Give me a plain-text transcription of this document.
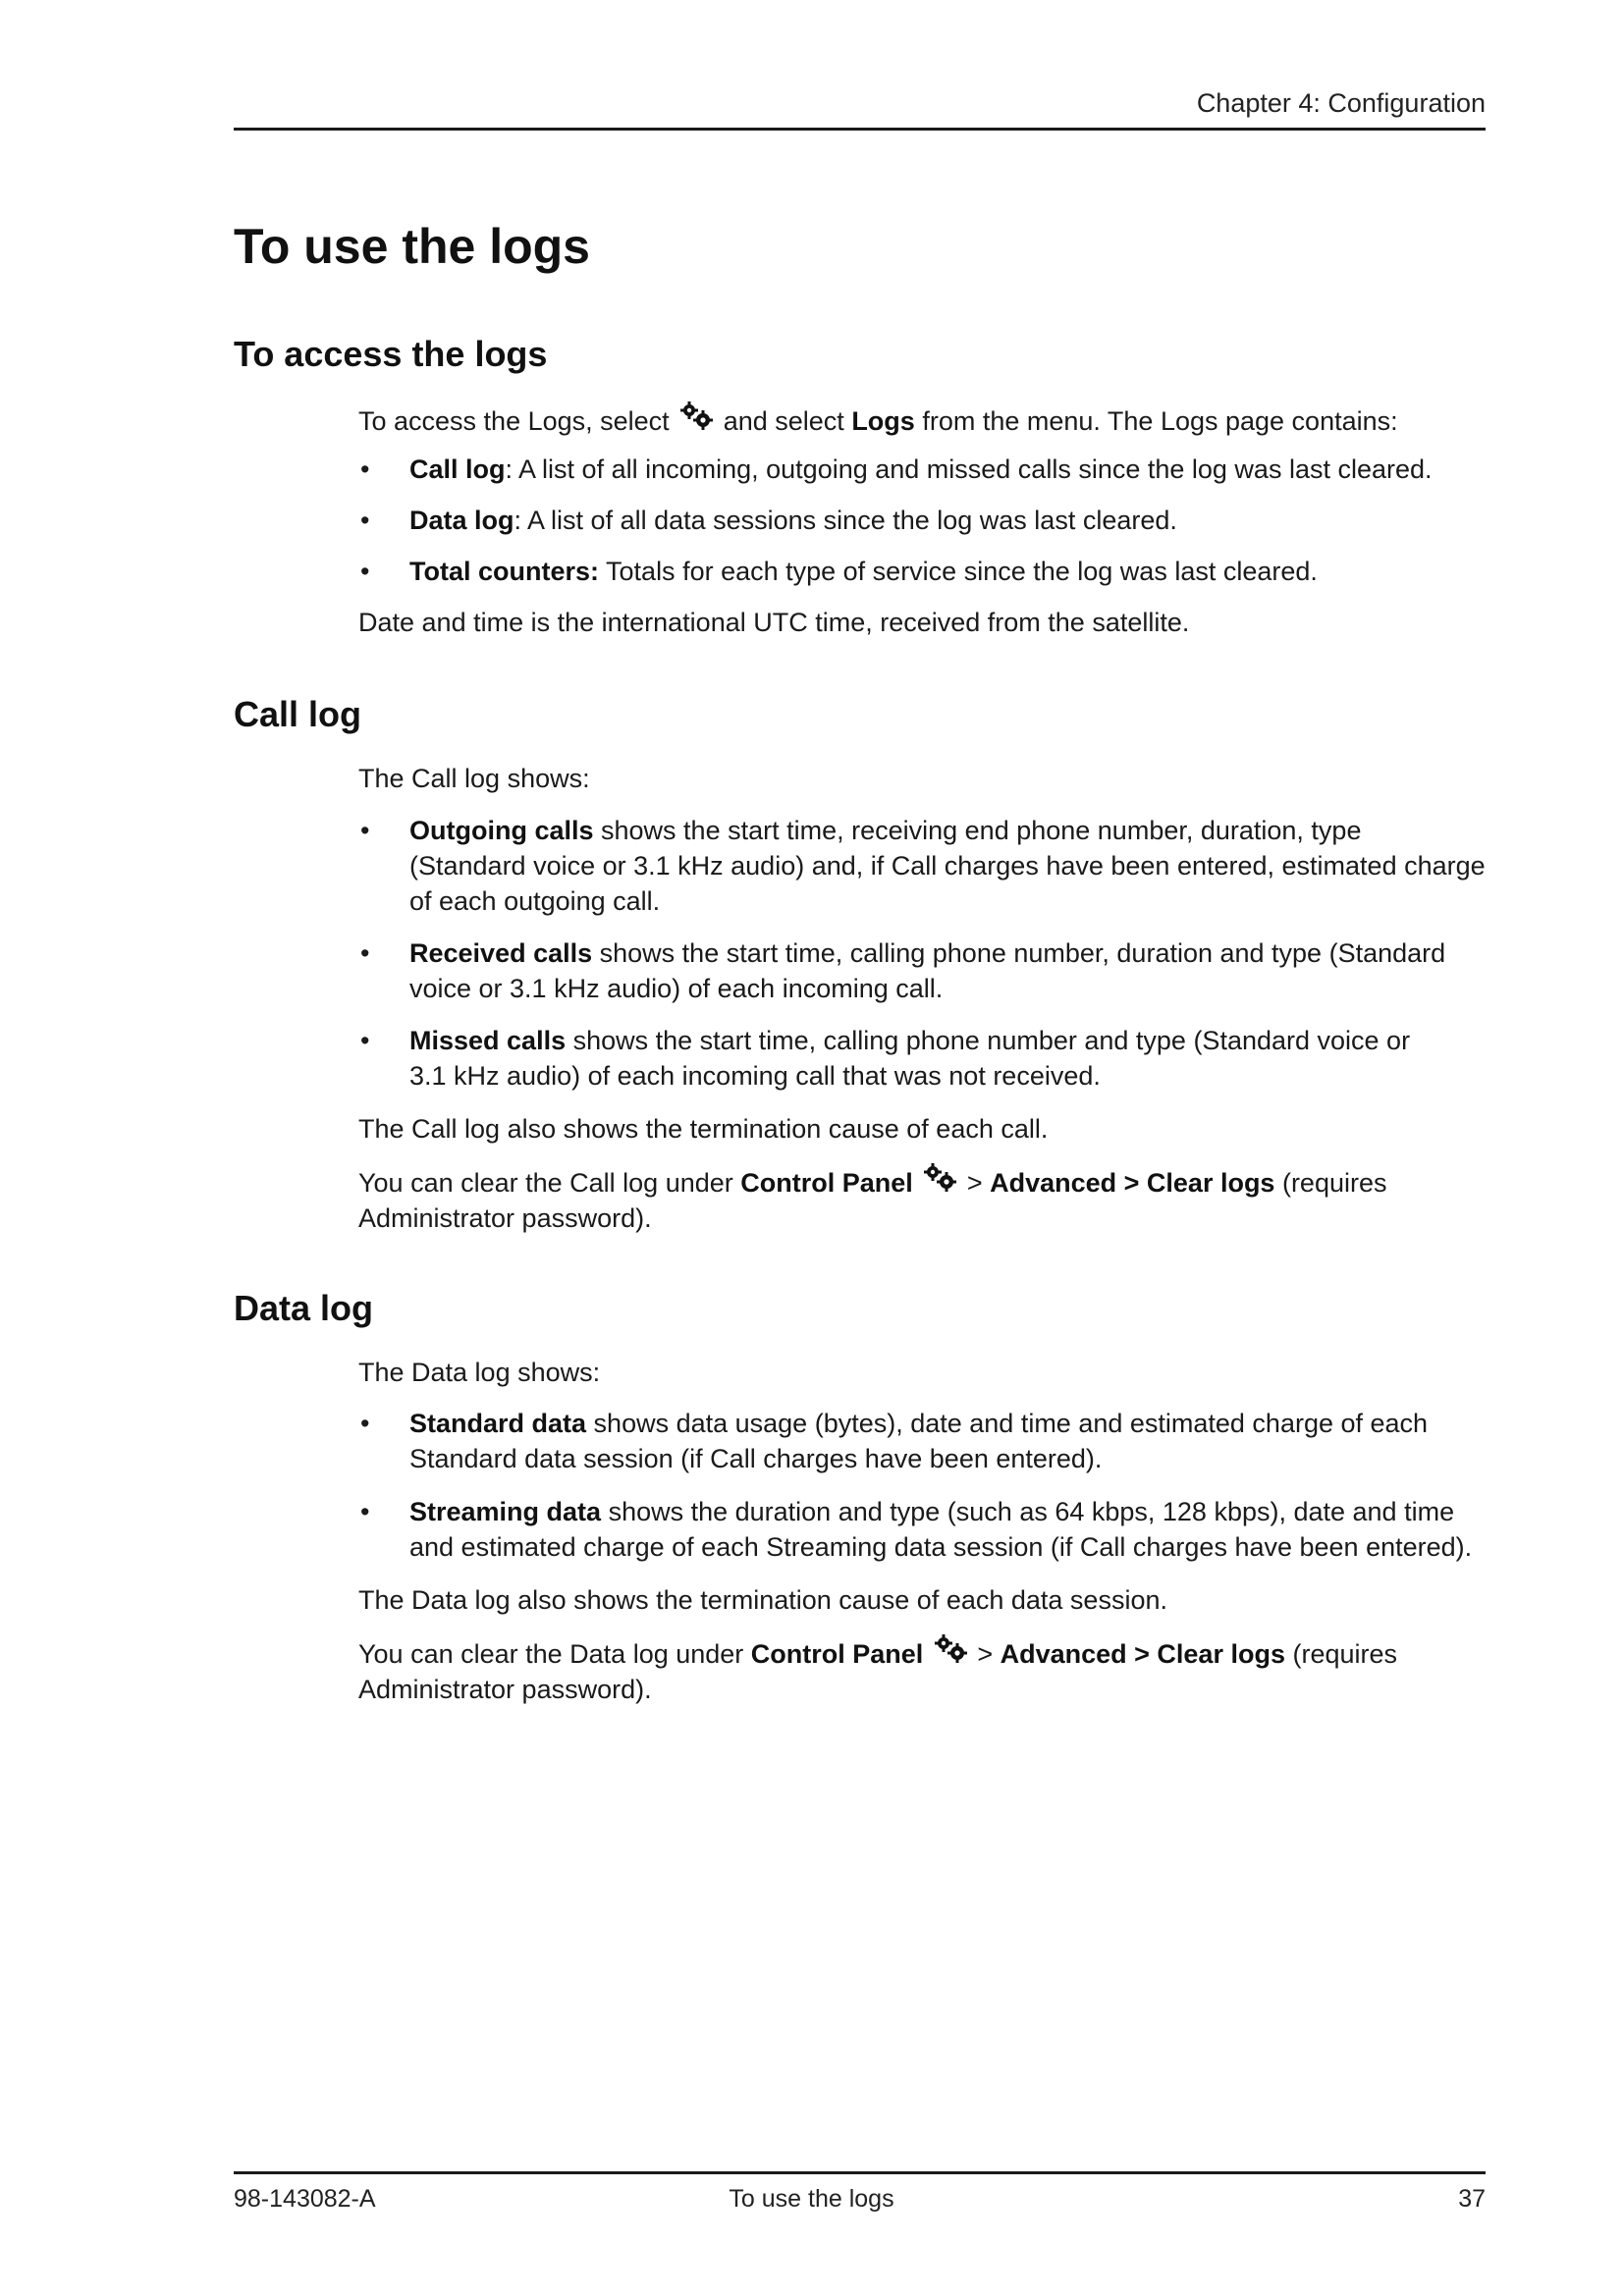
Chapter 4: Configuration
To use the logs
To access the logs

To access the Logs, select and select Logs from the menu. The Logs page contains:

• Call log: A list of all incoming, outgoing and missed calls since the log was last cleared.
• Data log: A list of all data sessions since the log was last cleared.
• Total counters: Totals for each type of service since the log was last cleared.

Date and time is the international UTC time, received from the satellite.

Call log

The Call log shows:

• Outgoing calls shows the start time, receiving end phone number, duration, type
(Standard voice or 3.1 kHz audio) and, if Call charges have been entered, estimated charge
of each outgoing call.
• Received calls shows the start time, calling phone number, duration and type (Standard
voice or 3.1 kHz audio) of each incoming call.
• Missed calls shows the start time, calling phone number and type (Standard voice or
3.1 kHz audio) of each incoming call that was not received.

The Call log also shows the termination cause of each call.

You can clear the Call log under Control Panel
> Advanced > Clear logs (requires
Administrator password).

Data log

The Data log shows:

• Standard data shows data usage (bytes), date and time and estimated charge of each
Standard data session (if Call charges have been entered).
• Streaming data shows the duration and type (such as 64 kbps, 128 kbps), date and time
and estimated charge of each Streaming data session (if Call charges have been entered).

The Data log also shows the termination cause of each data session.

You can clear the Data log under Control Panel
> Advanced > Clear logs (requires
Administrator password).

98-143082-A	To use the logs	37
